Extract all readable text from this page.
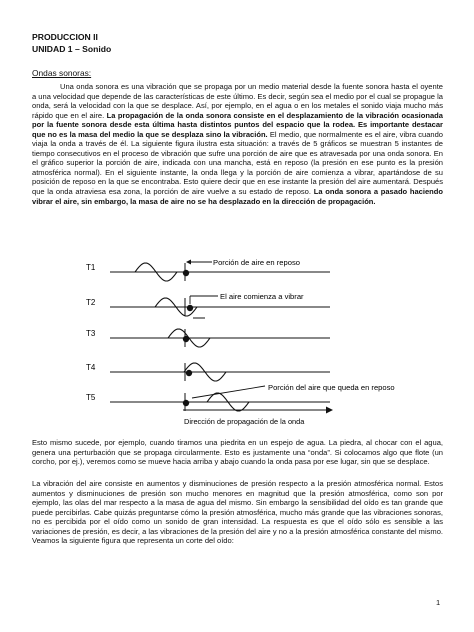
PRODUCCION II
UNIDAD 1 – Sonido
Ondas sonoras:

Una onda sonora es una vibración que se propaga por un medio material desde la fuente sonora hasta el oyente a una velocidad que depende de las características de este último. Es decir, según sea el medio por el cual se propague la onda, será la velocidad con la que se desplace. Así, por ejemplo, en el agua o en los metales el sonido viaja mucho más rápido que en el aire. La propagación de la onda sonora consiste en el desplazamiento de la vibración ocasionada por la fuente sonora desde esta última hasta distintos puntos del espacio que la rodea. Es importante destacar que no es la masa del medio la que se desplaza sino la vibración. El medio, que normalmente es el aire, vibra cuando viaja la onda a través de él. La siguiente figura ilustra esta situación: a través de 5 gráficos se muestran 5 instantes de tiempo consecutivos en el proceso de vibración que sufre una porción de aire que es atravesada por una onda sonora. En el gráfico superior la porción de aire, indicada con una mancha, está en reposo (la presión en ese punto es la presión atmosférica normal). En el siguiente instante, la onda llega y la porción de aire comienza a vibrar, apartándose de su posición de reposo en la que se encontraba. Esto quiere decir que en ese instante la presión del aire aumentará. Después que la onda atraviesa esa zona, la porción de aire vuelve a su estado de reposo. La onda sonora a pasado haciendo vibrar el aire, sin embargo, la masa de aire no se ha desplazado en la dirección de propagación.

T1
T2
T3
T4
T5
Dirección de propagación de la onda
Porción de aire en reposo
El aire comienza a vibrar
Porción del aire que queda en reposo

Esto mismo sucede, por ejemplo, cuando tiramos una piedrita en un espejo de agua. La piedra, al chocar con el agua, genera una perturbación que se propaga circularmente. Esto es justamente una “onda”. Si colocamos algo que flote (un corcho, por ej.), veremos como se mueve hacia arriba y abajo cuando la onda pasa por ese lugar, sin que se desplace.

La vibración del aire consiste en aumentos y disminuciones de presión respecto a la presión atmosférica normal. Estos aumentos y disminuciones de presión son mucho menores en magnitud que la presión atmosférica, como son por ejemplo, las olas del mar respecto a la masa de agua del mismo. Sin embargo la sensibilidad del oído es tan grande que puede percibirlas. Cabe quizás preguntarse cómo la presión atmosférica, mucho más grande que las vibraciones sonoras, no es percibida por el oído como un sonido de gran intensidad. La respuesta es que el oído sólo es sensible a las variaciones de presión, es decir, a las vibraciones de la presión del aire y no a la presión atmosférica constante del mismo. Veamos la siguiente figura que representa un corte del oído:

1
